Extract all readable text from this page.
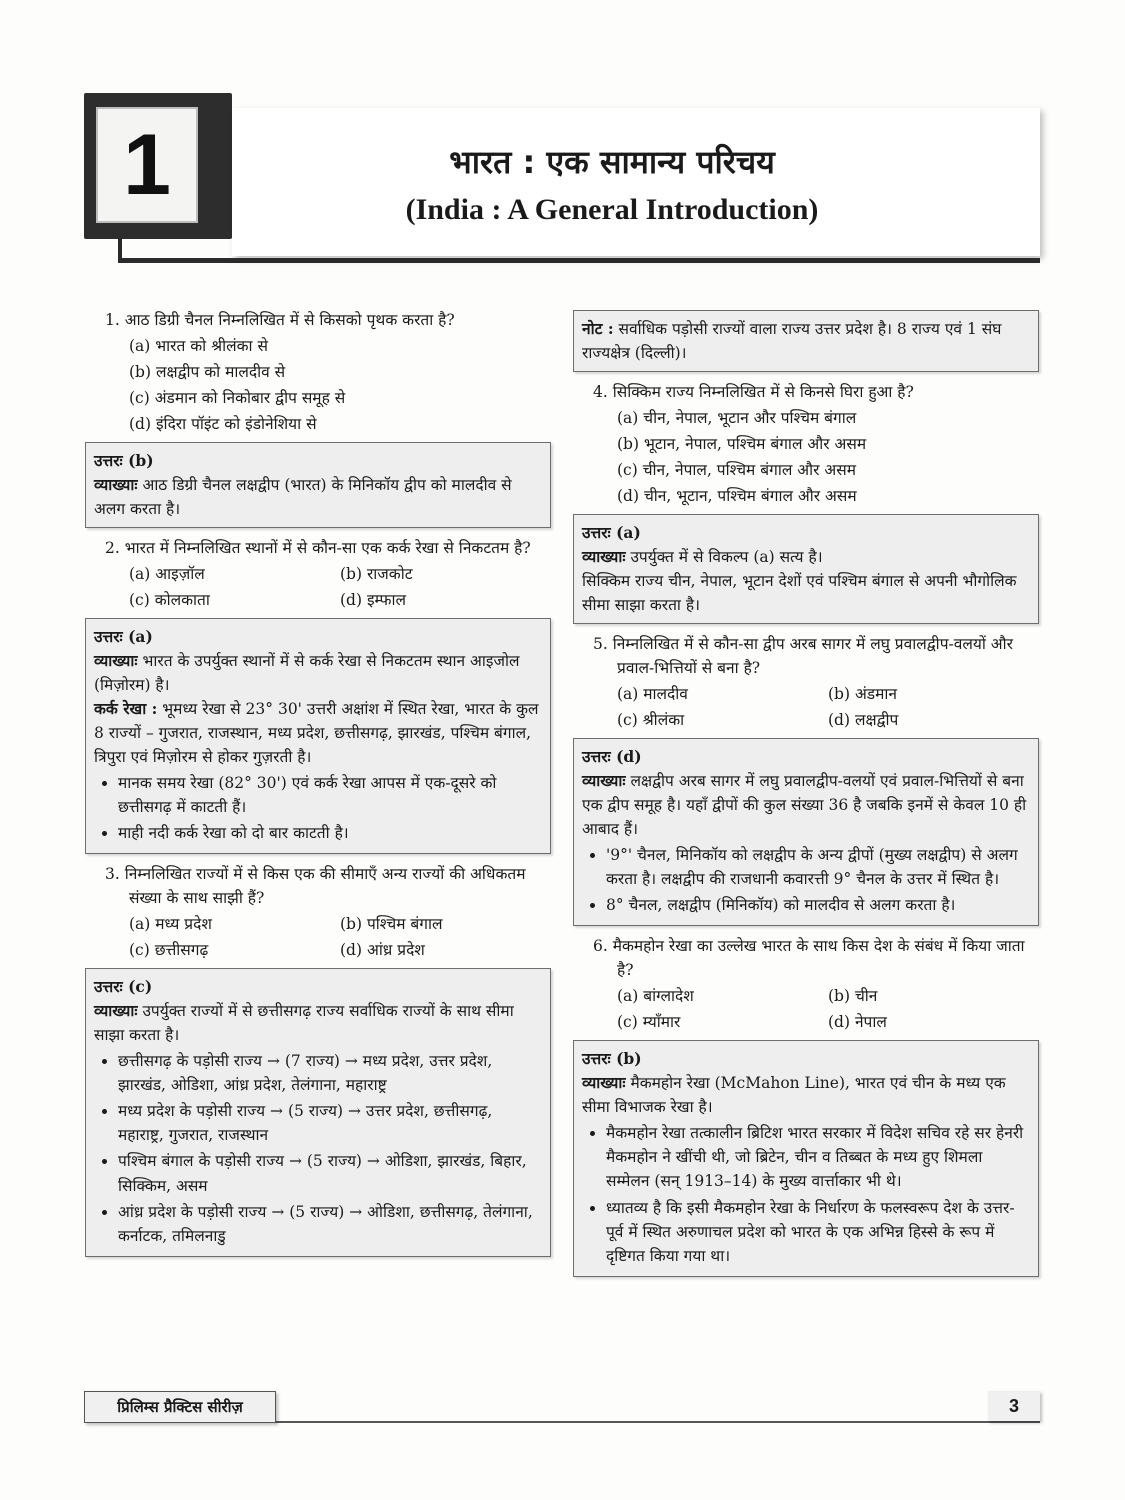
1	भारत : एक सामान्य परिचय
(India : A General Introduction)
1. आठ डिग्री चैनल निम्नलिखित में से किसको पृथक करता है?
(a) भारत को श्रीलंका से
(b) लक्षद्वीप को मालदीव से
(c) अंडमान को निकोबार द्वीप समूह से
(d) इंदिरा पॉइंट को इंडोनेशिया से

उत्तरः (b)

व्याख्याः आठ डिग्री चैनल लक्षद्वीप (भारत) के मिनिकॉय द्वीप को मालदीव से अलग करता है।

2. भारत में निम्नलिखित स्थानों में से कौन-सा एक कर्क रेखा से निकटतम है?
(a) आइज़ॉल	(b) राजकोट
(c) कोलकाता	(d) इम्फाल

उत्तरः (a)

व्याख्याः भारत के उपर्युक्त स्थानों में से कर्क रेखा से निकटतम स्थान आइजोल (मिज़ोरम) है।

कर्क रेखा : भूमध्य रेखा से 23° 30' उत्तरी अक्षांश में स्थित रेखा, भारत के कुल 8 राज्यों – गुजरात, राजस्थान, मध्य प्रदेश, छत्तीसगढ़, झारखंड, पश्चिम बंगाल, त्रिपुरा एवं मिज़ोरम से होकर गुज़रती है।

• मानक समय रेखा (82° 30') एवं कर्क रेखा आपस में एक-दूसरे को छत्तीसगढ़ में काटती हैं।
• माही नदी कर्क रेखा को दो बार काटती है।
3. निम्नलिखित राज्यों में से किस एक की सीमाएँ अन्य राज्यों की अधिकतम संख्या के साथ साझी हैं?
(a) मध्य प्रदेश	(b) पश्चिम बंगाल
(c) छत्तीसगढ़	(d) आंध्र प्रदेश

उत्तरः (c)

व्याख्याः उपर्युक्त राज्यों में से छत्तीसगढ़ राज्य सर्वाधिक राज्यों के साथ सीमा साझा करता है।

• छत्तीसगढ़ के पड़ोसी राज्य → (7 राज्य) → मध्य प्रदेश, उत्तर प्रदेश, झारखंड, ओडिशा, आंध्र प्रदेश, तेलंगाना, महाराष्ट्र
• मध्य प्रदेश के पड़ोसी राज्य → (5 राज्य) → उत्तर प्रदेश, छत्तीसगढ़, महाराष्ट्र, गुजरात, राजस्थान
• पश्चिम बंगाल के पड़ोसी राज्य → (5 राज्य) → ओडिशा, झारखंड, बिहार, सिक्किम, असम
• आंध्र प्रदेश के पड़ोसी राज्य → (5 राज्य) → ओडिशा, छत्तीसगढ़, तेलंगाना, कर्नाटक, तमिलनाडु

नोट : सर्वाधिक पड़ोसी राज्यों वाला राज्य उत्तर प्रदेश है। 8 राज्य एवं 1 संघ राज्यक्षेत्र (दिल्ली)।

4. सिक्किम राज्य निम्नलिखित में से किनसे घिरा हुआ है?
(a) चीन, नेपाल, भूटान और पश्चिम बंगाल
(b) भूटान, नेपाल, पश्चिम बंगाल और असम
(c) चीन, नेपाल, पश्चिम बंगाल और असम
(d) चीन, भूटान, पश्चिम बंगाल और असम

उत्तरः (a)

व्याख्याः उपर्युक्त में से विकल्प (a) सत्य है।

सिक्किम राज्य चीन, नेपाल, भूटान देशों एवं पश्चिम बंगाल से अपनी भौगोलिक सीमा साझा करता है।

5. निम्नलिखित में से कौन-सा द्वीप अरब सागर में लघु प्रवालद्वीप-वलयों और प्रवाल-भित्तियों से बना है?
(a) मालदीव	(b) अंडमान
(c) श्रीलंका	(d) लक्षद्वीप

उत्तरः (d)

व्याख्याः लक्षद्वीप अरब सागर में लघु प्रवालद्वीप-वलयों एवं प्रवाल-भित्तियों से बना एक द्वीप समूह है। यहाँ द्वीपों की कुल संख्या 36 है जबकि इनमें से केवल 10 ही आबाद हैं।

• '9°' चैनल, मिनिकॉय को लक्षद्वीप के अन्य द्वीपों (मुख्य लक्षद्वीप) से अलग करता है। लक्षद्वीप की राजधानी कवारत्ती 9° चैनल के उत्तर में स्थित है।
• 8° चैनल, लक्षद्वीप (मिनिकॉय) को मालदीव से अलग करता है।
6. मैकमहोन रेखा का उल्लेख भारत के साथ किस देश के संबंध में किया जाता है?
(a) बांग्लादेश	(b) चीन
(c) म्याँमार	(d) नेपाल

उत्तरः (b)

व्याख्याः मैकमहोन रेखा (McMahon Line), भारत एवं चीन के मध्य एक सीमा विभाजक रेखा है।

• मैकमहोन रेखा तत्कालीन ब्रिटिश भारत सरकार में विदेश सचिव रहे सर हेनरी मैकमहोन ने खींची थी, जो ब्रिटेन, चीन व तिब्बत के मध्य हुए शिमला सम्मेलन (सन् 1913–14) के मुख्य वार्त्ताकार भी थे।
• ध्यातव्य है कि इसी मैकमहोन रेखा के निर्धारण के फलस्वरूप देश के उत्तर-पूर्व में स्थित अरुणाचल प्रदेश को भारत के एक अभिन्न हिस्से के रूप में दृष्टिगत किया गया था।
प्रिलिम्स प्रैक्टिस सीरीज़	3
